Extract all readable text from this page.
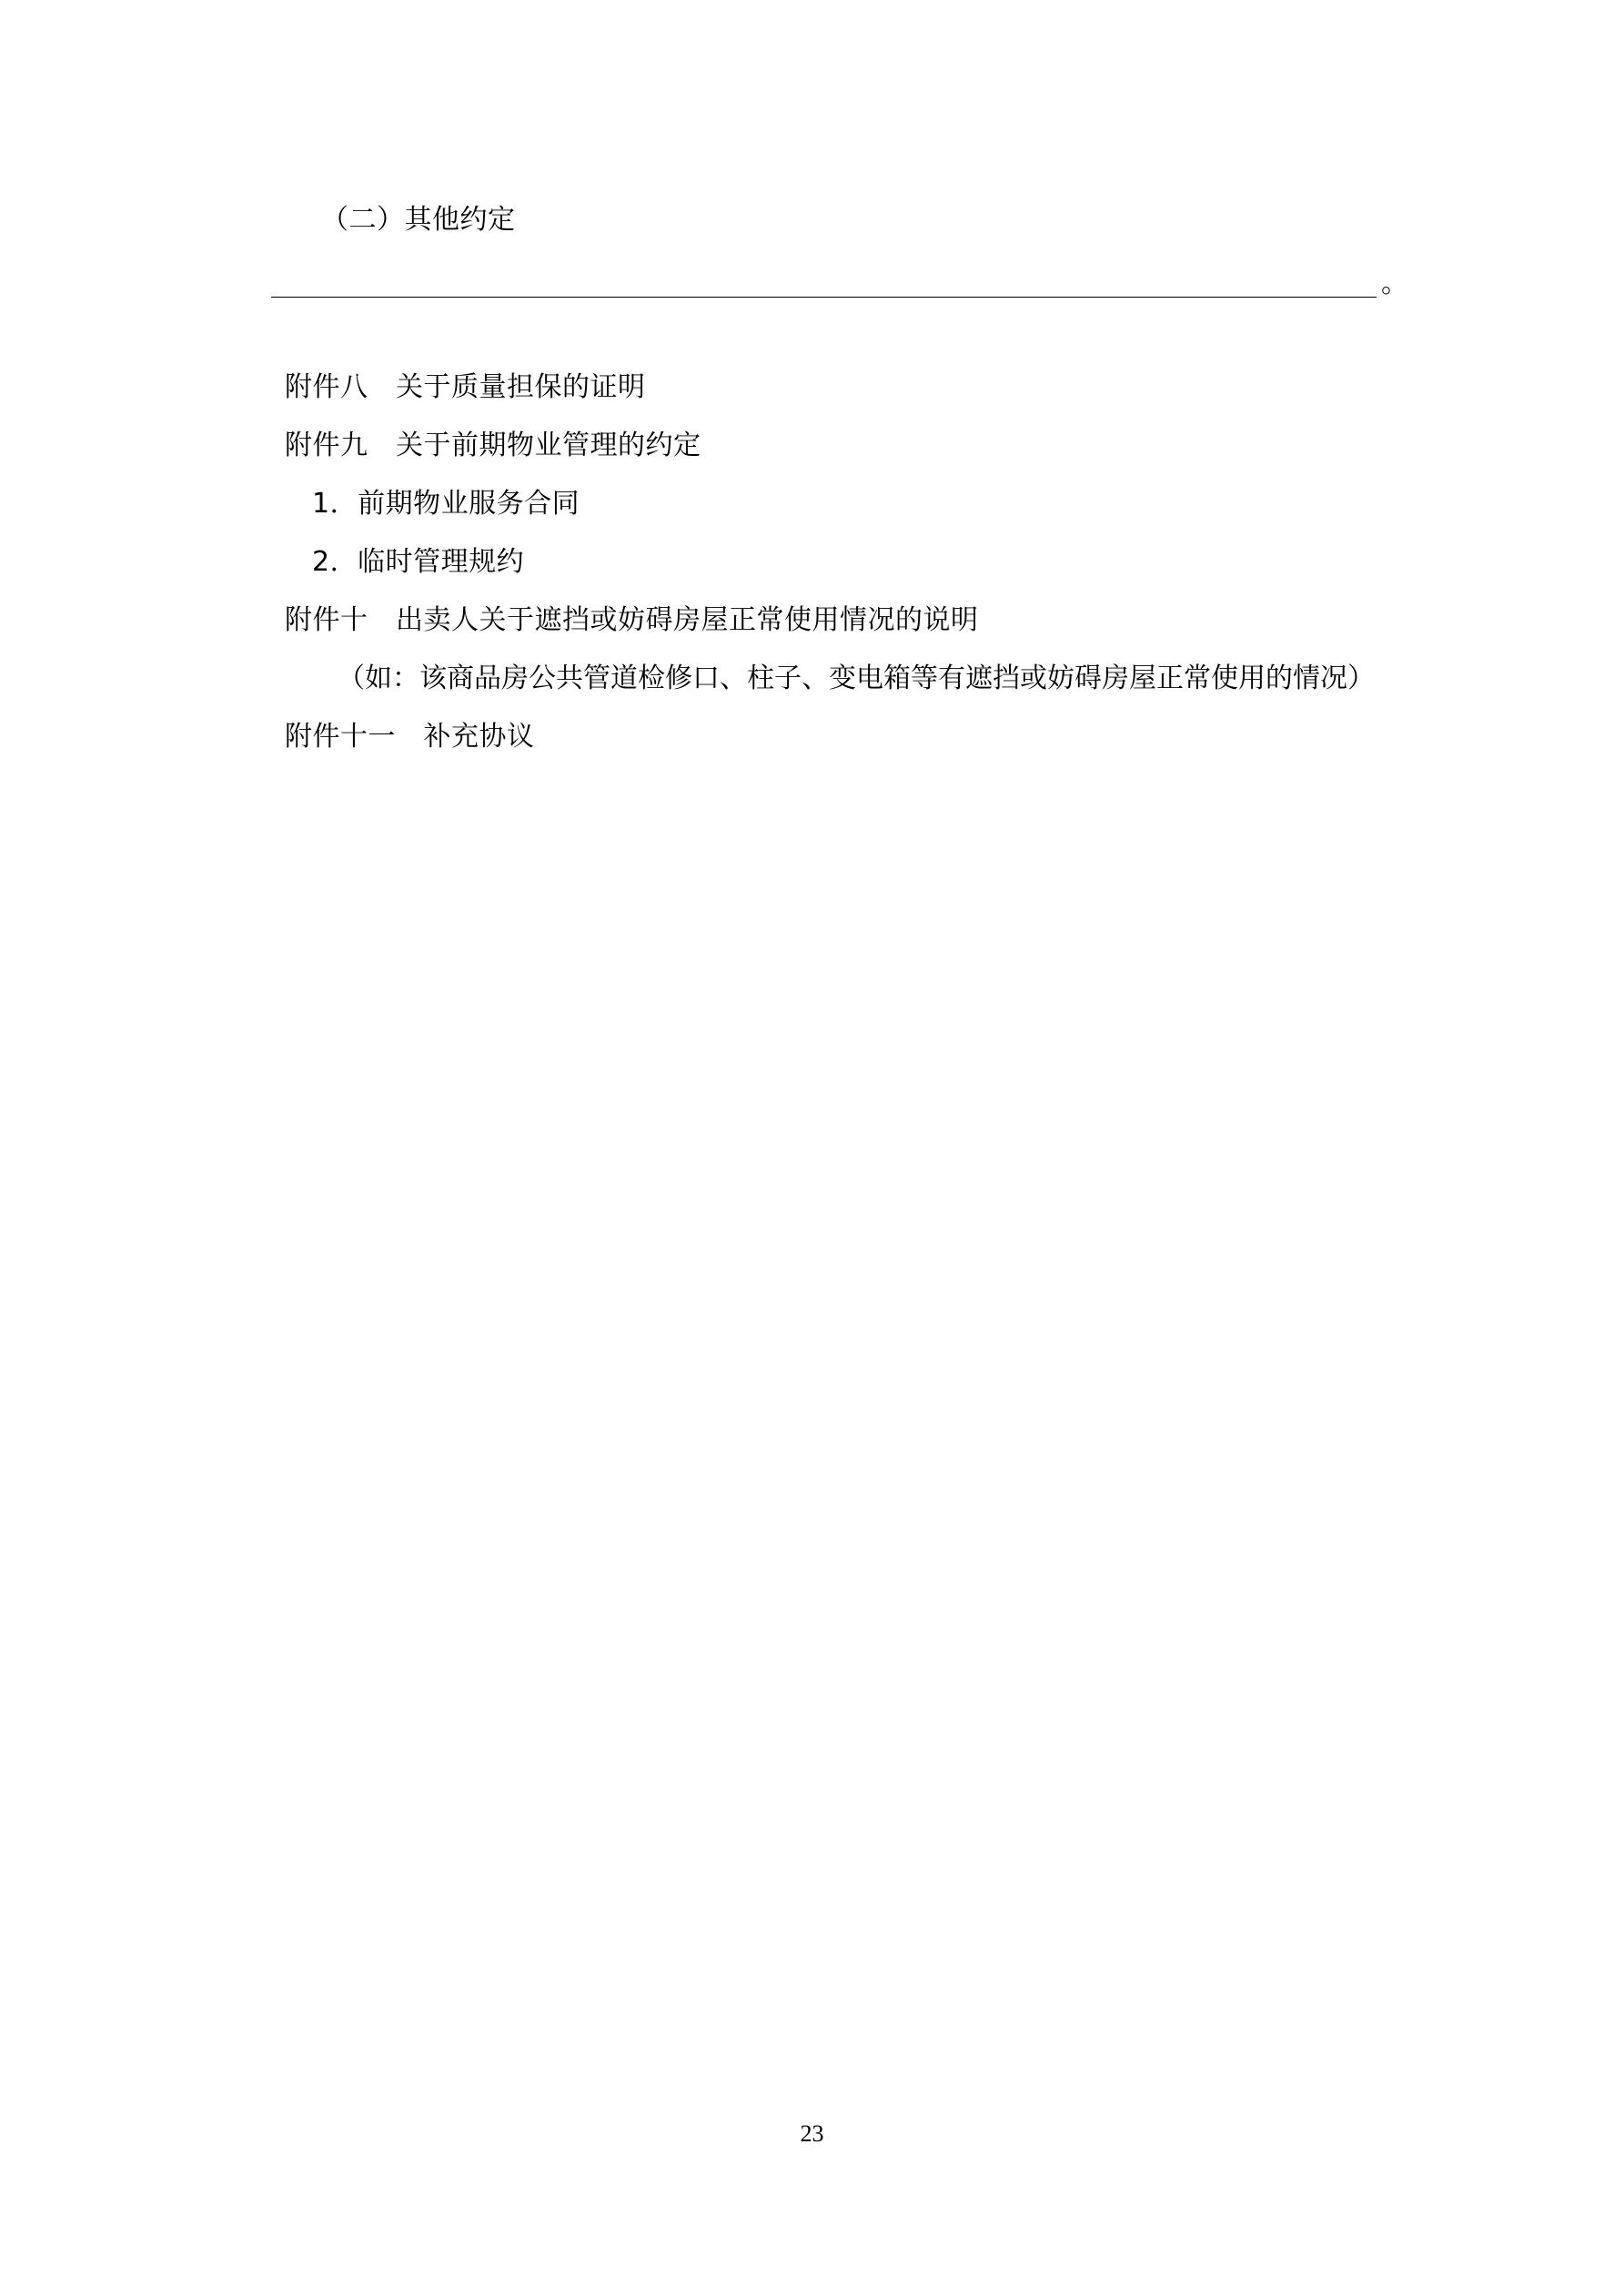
（二）其他约定
。
附件八　关于质量担保的证明
附件九　关于前期物业管理的约定
1．前期物业服务合同
2．临时管理规约
附件十　出卖人关于遮挡或妨碍房屋正常使用情况的说明
（如：该商品房公共管道检修口、柱子、变电箱等有遮挡或妨碍房屋正常使用的情况）
附件十一　补充协议
23
